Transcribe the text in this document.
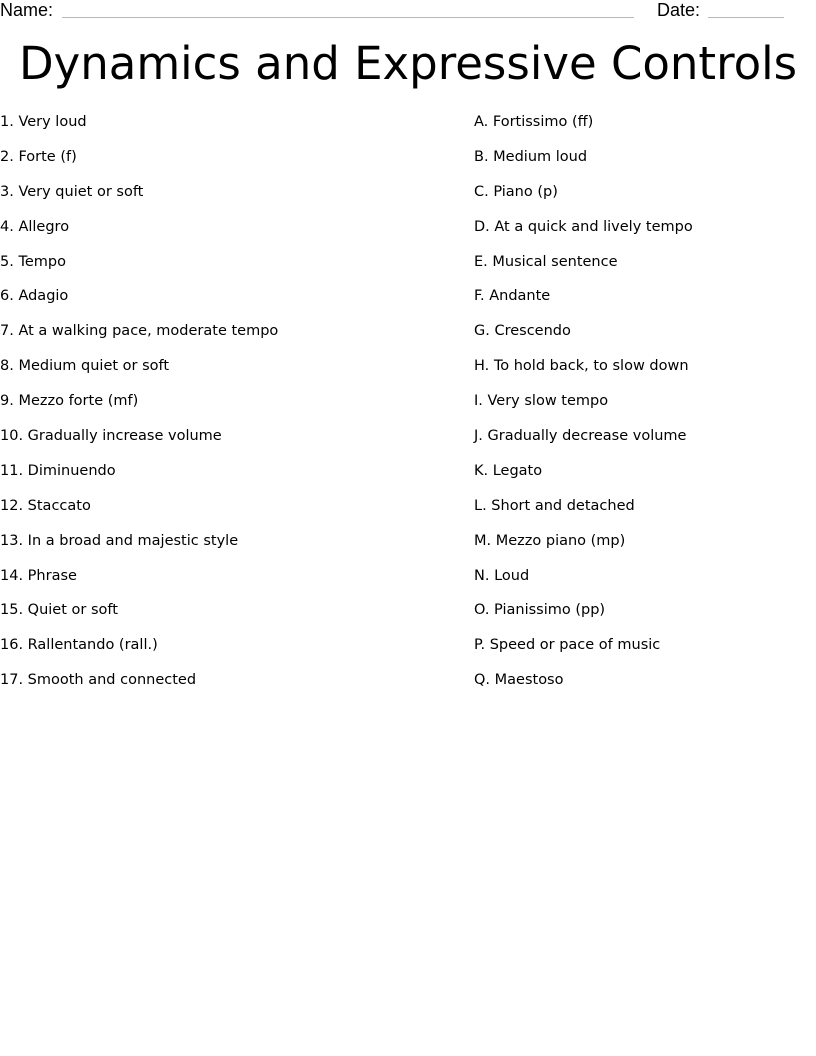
Name:	Date:
Dynamics and Expressive Controls
1. Very loud
2. Forte (f)
3. Very quiet or soft
4. Allegro
5. Tempo
6. Adagio
7. At a walking pace, moderate tempo
8. Medium quiet or soft
9. Mezzo forte (mf)
10. Gradually increase volume
11. Diminuendo
12. Staccato
13. In a broad and majestic style
14. Phrase
15. Quiet or soft
16. Rallentando (rall.)
17. Smooth and connected
A. Fortissimo (ff)
B. Medium loud
C. Piano (p)
D. At a quick and lively tempo
E. Musical sentence
F. Andante
G. Crescendo
H. To hold back, to slow down
I. Very slow tempo
J. Gradually decrease volume
K. Legato
L. Short and detached
M. Mezzo piano (mp)
N. Loud
O. Pianissimo (pp)
P. Speed or pace of music
Q. Maestoso
